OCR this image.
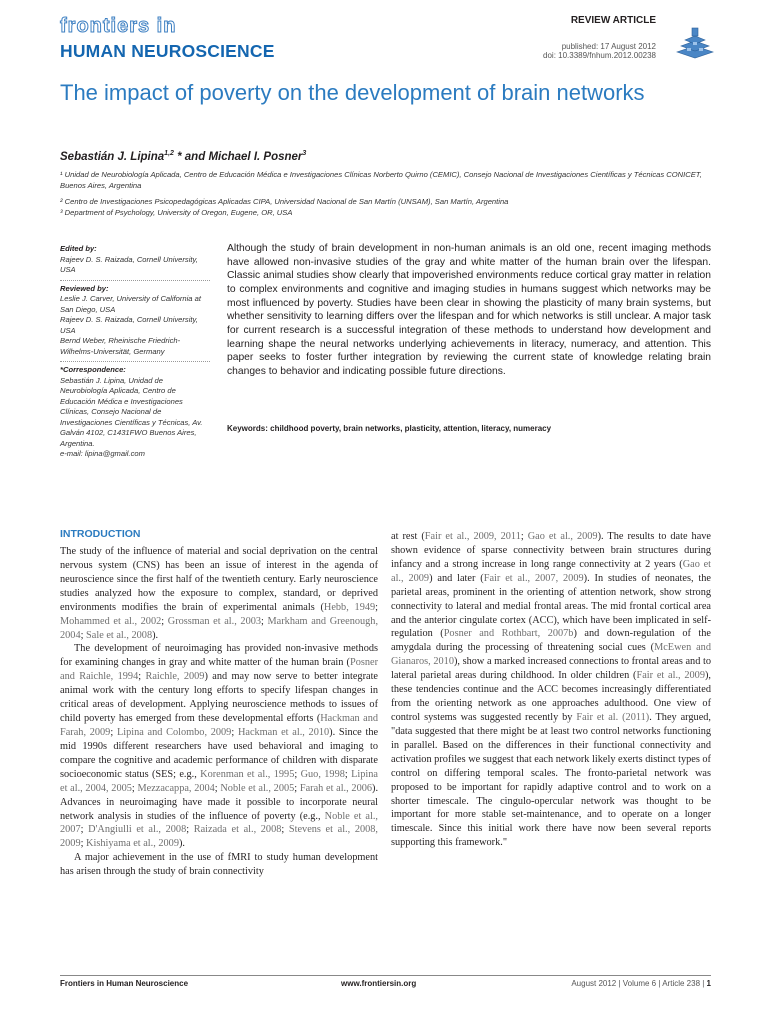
frontiers in
HUMAN NEUROSCIENCE
REVIEW ARTICLE
published: 17 August 2012
doi: 10.3389/fnhum.2012.00238
The impact of poverty on the development of brain networks
Sebastián J. Lipina$^{1,2}$ * and Michael I. Posner$^3$
¹ Unidad de Neurobiología Aplicada, Centro de Educación Médica e Investigaciones Clínicas Norberto Quirno (CEMIC), Consejo Nacional de Investigaciones Científicas y Técnicas CONICET, Buenos Aires, Argentina
² Centro de Investigaciones Psicopedagógicas Aplicadas CIPA, Universidad Nacional de San Martín (UNSAM), San Martín, Argentina
³ Department of Psychology, University of Oregon, Eugene, OR, USA
Edited by:
Rajeev D. S. Raizada, Cornell University, USA
Reviewed by:
Leslie J. Carver, University of California at San Diego, USA
Rajeev D. S. Raizada, Cornell University, USA
Bernd Weber, Rheinische Friedrich-Wilhelms-Universität, Germany
*Correspondence:
Sebastián J. Lipina, Unidad de Neurobiología Aplicada, Centro de Educación Médica e Investigaciones Clínicas, Consejo Nacional de Investigaciones Científicas y Técnicas, Av. Galván 4102, C1431FWO Buenos Aires, Argentina.
e-mail: lipina@gmail.com
Although the study of brain development in non-human animals is an old one, recent imaging methods have allowed non-invasive studies of the gray and white matter of the human brain over the lifespan. Classic animal studies show clearly that impoverished environments reduce cortical gray matter in relation to complex environments and cognitive and imaging studies in humans suggest which networks may be most influenced by poverty. Studies have been clear in showing the plasticity of many brain systems, but whether sensitivity to learning differs over the lifespan and for which networks is still unclear. A major task for current research is a successful integration of these methods to understand how development and learning shape the neural networks underlying achievements in literacy, numeracy, and attention. This paper seeks to foster further integration by reviewing the current state of knowledge relating brain changes to behavior and indicating possible future directions.
Keywords: childhood poverty, brain networks, plasticity, attention, literacy, numeracy
INTRODUCTION

The study of the influence of material and social deprivation on the central nervous system (CNS) has been an issue of interest in the agenda of neuroscience since the first half of the twentieth century. Early neuroscience studies analyzed how the exposure to complex, standard, or deprived environments modifies the brain of experimental animals (Hebb, 1949; Mohammed et al., 2002; Grossman et al., 2003; Markham and Greenough, 2004; Sale et al., 2008).

The development of neuroimaging has provided non-invasive methods for examining changes in gray and white matter of the human brain (Posner and Raichle, 1994; Raichle, 2009) and may now serve to better integrate animal work with the century long efforts to specify lifespan changes in critical areas of development. Applying neuroscience methods to issues of child poverty has emerged from these developmental efforts (Hackman and Farah, 2009; Lipina and Colombo, 2009; Hackman et al., 2010). Since the mid 1990s different researchers have used behavioral and imaging to compare the cognitive and academic performance of children with disparate socioeconomic status (SES; e.g., Korenman et al., 1995; Guo, 1998; Lipina et al., 2004, 2005; Mezzacappa, 2004; Noble et al., 2005; Farah et al., 2006). Advances in neuroimaging have made it possible to incorporate neural network analysis in studies of the influence of poverty (e.g., Noble et al., 2007; D'Angiulli et al., 2008; Raizada et al., 2008; Stevens et al., 2008, 2009; Kishiyama et al., 2009).

A major achievement in the use of fMRI to study human development has arisen through the study of brain connectivity

at rest (Fair et al., 2009, 2011; Gao et al., 2009). The results to date have shown evidence of sparse connectivity between brain structures during infancy and a strong increase in long range connectivity at 2 years (Gao et al., 2009) and later (Fair et al., 2007, 2009). In studies of neonates, the parietal areas, prominent in the orienting of attention network, show strong connectivity to lateral and medial frontal areas. The mid frontal cortical area and the anterior cingulate cortex (ACC), which have been implicated in self-regulation (Posner and Rothbart, 2007b) and down-regulation of the amygdala during the processing of threatening social cues (McEwen and Gianaros, 2010), show a marked increased connections to frontal areas and to lateral parietal areas during childhood. In older children (Fair et al., 2009), these tendencies continue and the ACC becomes increasingly differentiated from the orienting network as one approaches adulthood. One view of control systems was suggested recently by Fair et al. (2011). They argued, "data suggested that there might be at least two control networks functioning in parallel. Based on the differences in their functional connectivity and activation profiles we suggest that each network likely exerts distinct types of control on differing temporal scales. The fronto-parietal network was proposed to be important for rapidly adaptive control and to work on a shorter timescale. The cingulo-opercular network was thought to be important for more stable set-maintenance, and to operate on a longer timescale. Since this initial work there have now been several reports supporting this framework."

Frontiers in Human Neuroscience	www.frontiersin.org	August 2012 | Volume 6 | Article 238 | 1
